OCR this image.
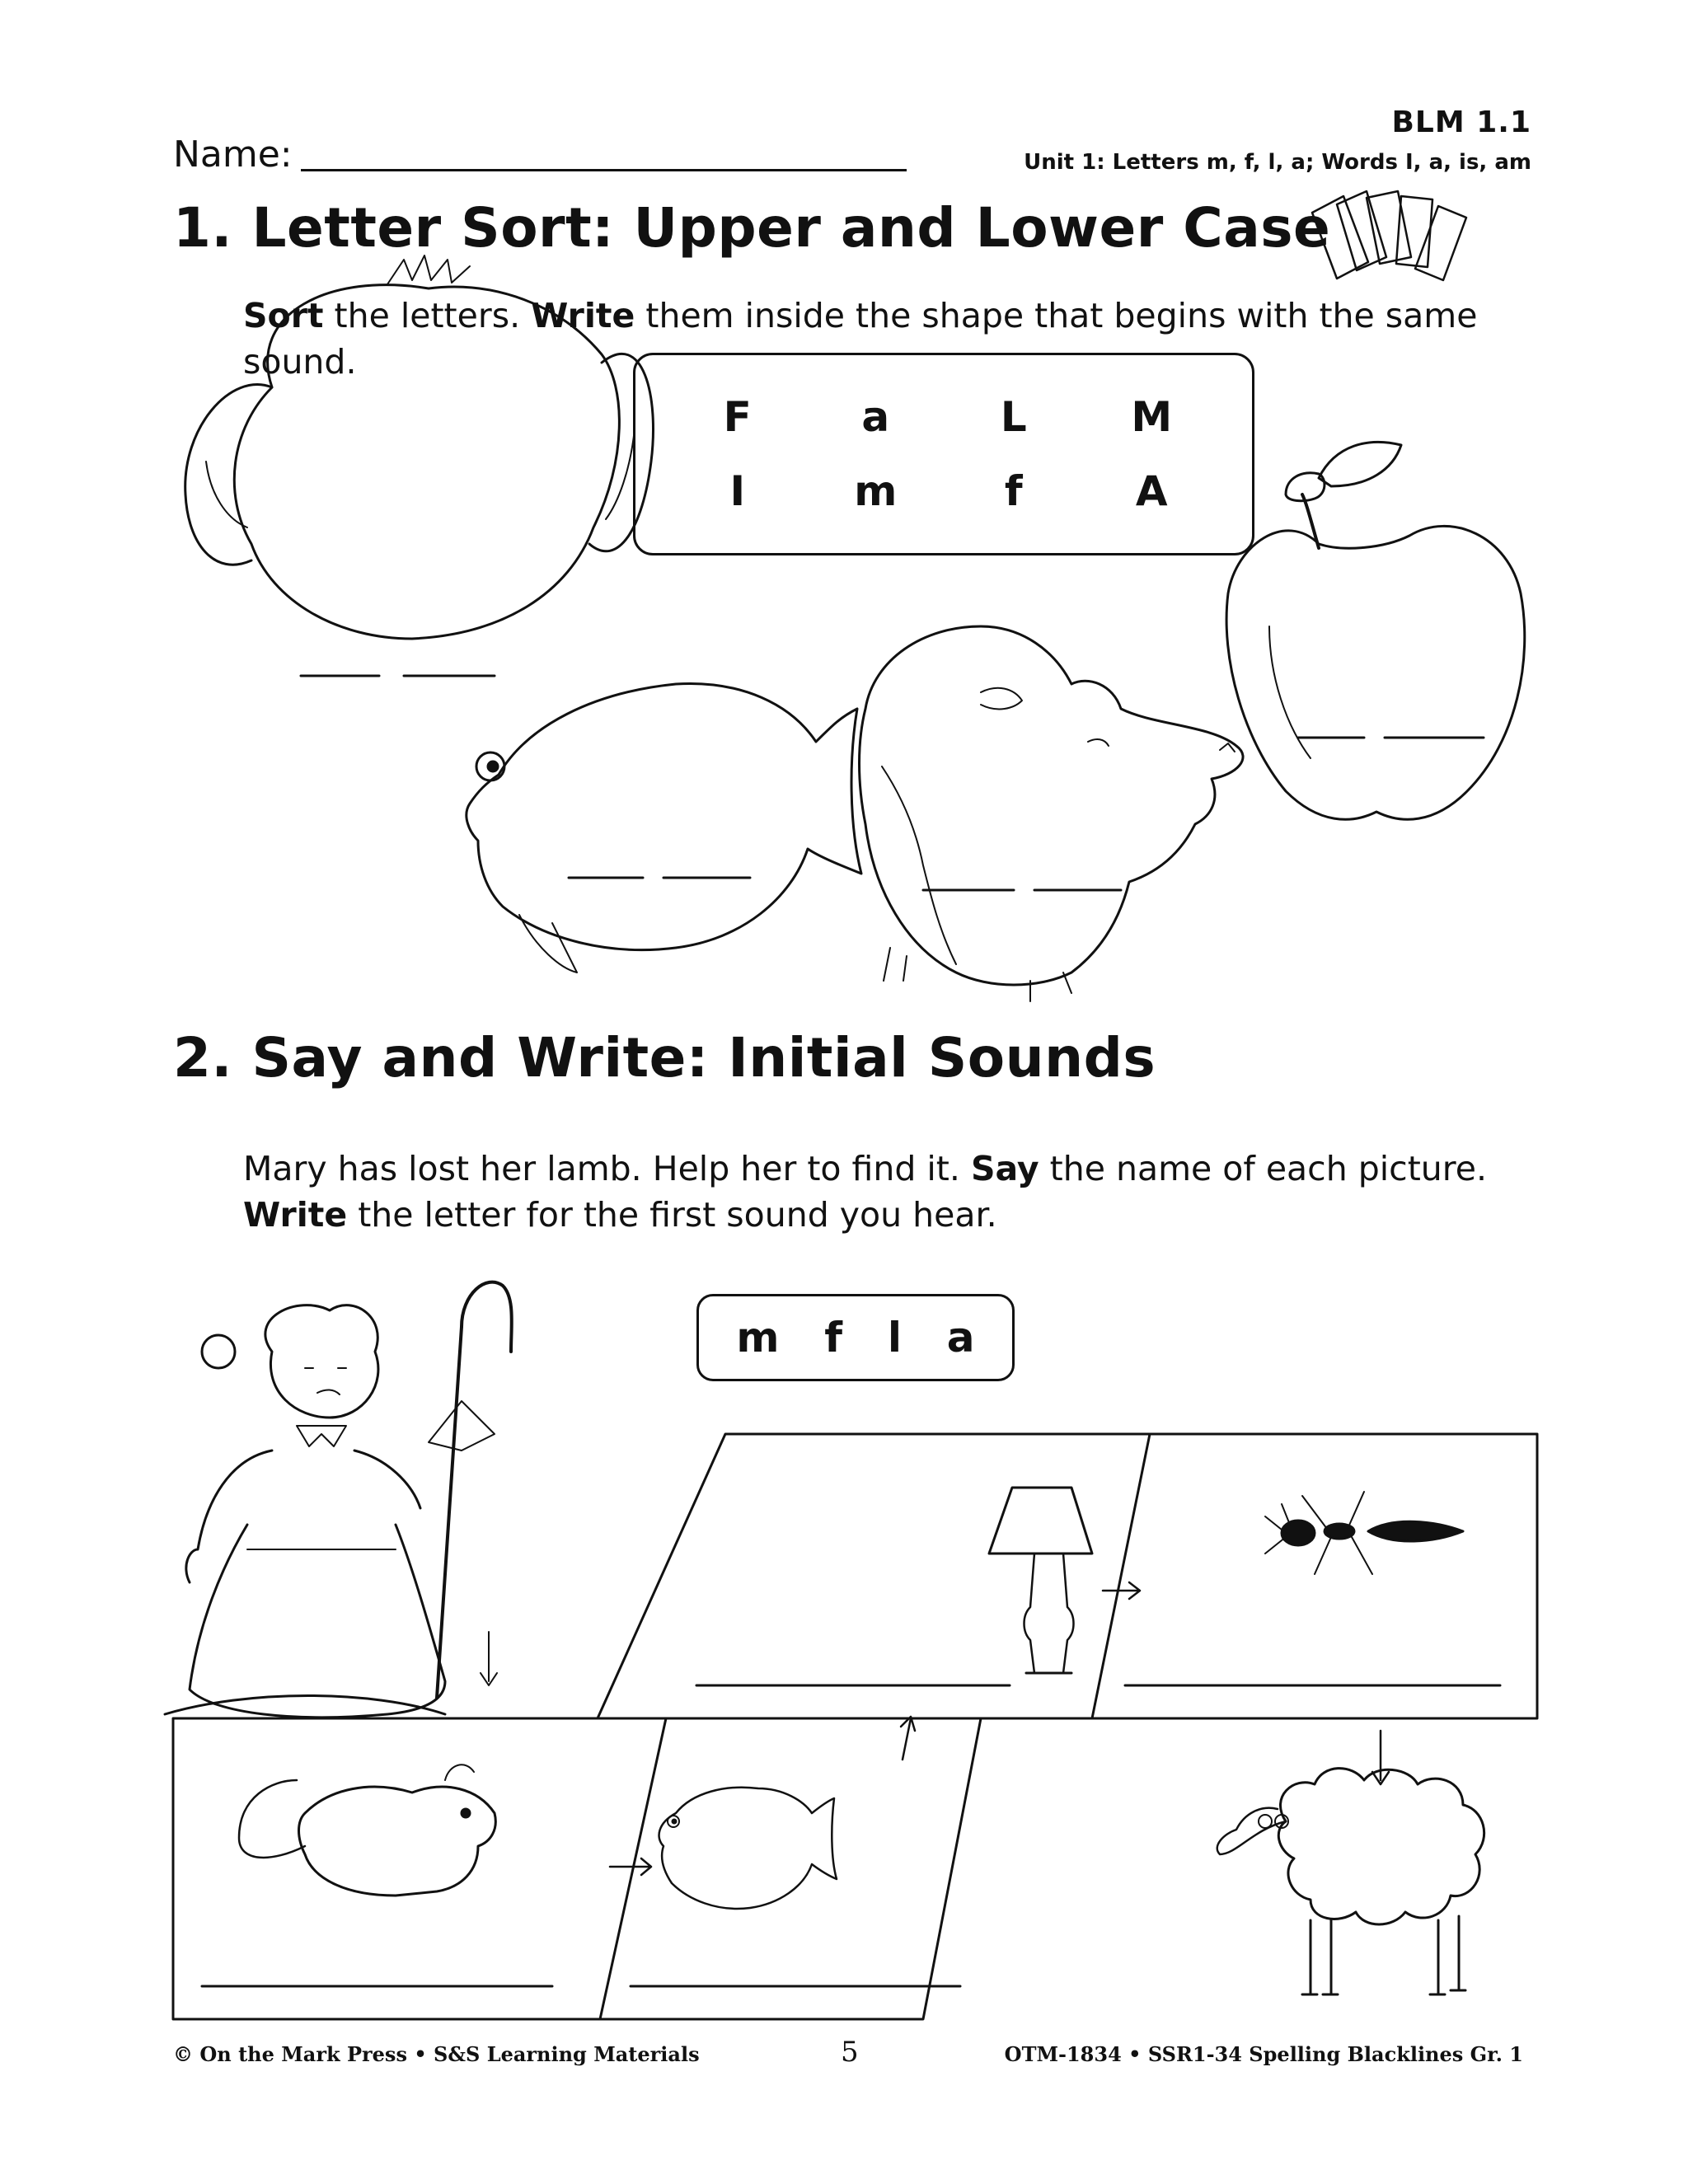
BLM 1.1
Unit 1: Letters m, f, l, a; Words I, a, is, am
Name:
1. Letter Sort: Upper and Lower Case
Sort the letters. Write them inside the shape that begins with the same sound.
F	a	L	M
I	m	f	A
2. Say and Write: Initial Sounds
Mary has lost her lamb. Help her to find it. Say the name of each picture.
Write the letter for the first sound you hear.
m f l a
© On the Mark Press • S&S Learning Materials	5	OTM-1834 • SSR1-34 Spelling Blacklines Gr. 1
